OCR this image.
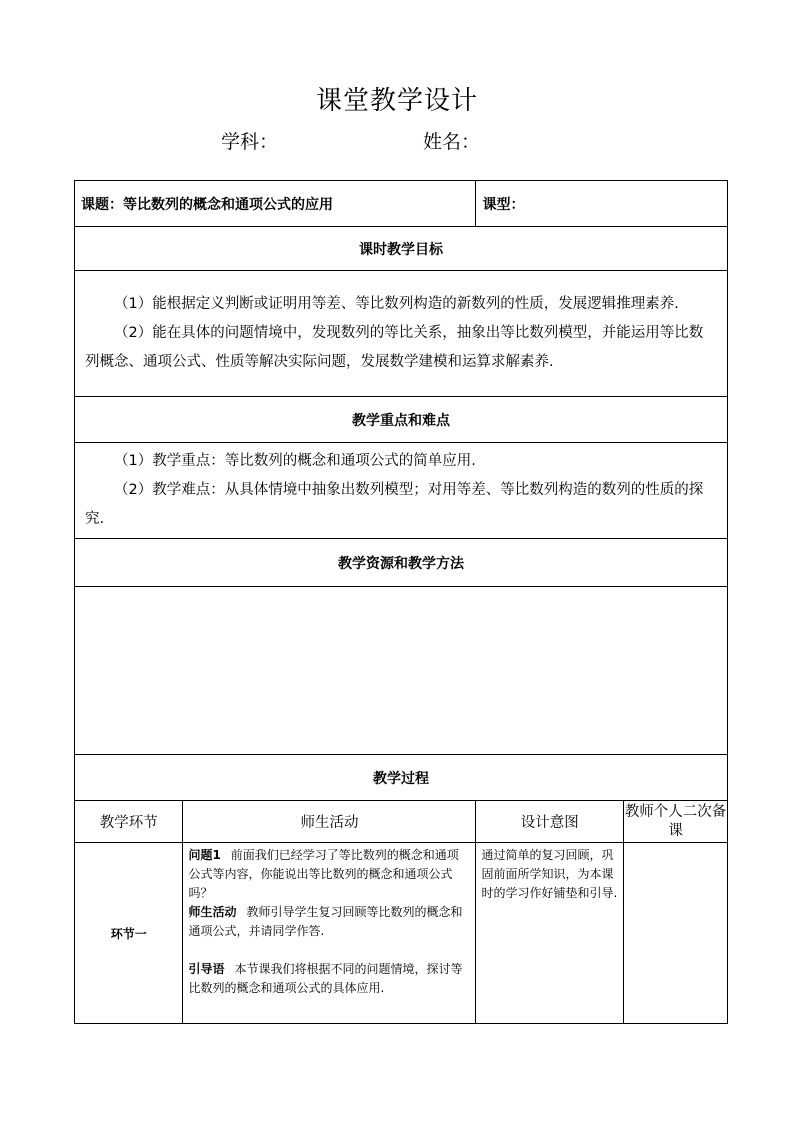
课堂教学设计
学科：	姓名：
课题：等比数列的概念和通项公式的应用		课型：	
课时教学目标			

（1）能根据定义判断或证明用等差、等比数列构造的新数列的性质，发展逻辑推理素养.

（2）能在具体的问题情境中，发现数列的等比关系，抽象出等比数列模型，并能运用等比数列概念、通项公式、性质等解决实际问题，发展数学建模和运算求解素养.			

教学重点和难点			

（1）教学重点：等比数列的概念和通项公式的简单应用.

（2）教学难点：从具体情境中抽象出数列模型；对用等差、等比数列构造的数列的性质的探究.			

教学资源和教学方法			

教学过程			
教学环节	师生活动	设计意图	教师个人二次备课
环节一	问题1 前面我们已经学习了等比数列的概念和通项公式等内容，你能说出等比数列的概念和通项公式吗？

师生活动 教师引导学生复习回顾等比数列的概念和通项公式，并请同学作答.

引导语 本节课我们将根据不同的问题情境，探讨等比数列的概念和通项公式的具体应用.	通过简单的复习回顾，巩固前面所学知识，为本课时的学习作好铺垫和引导.	
